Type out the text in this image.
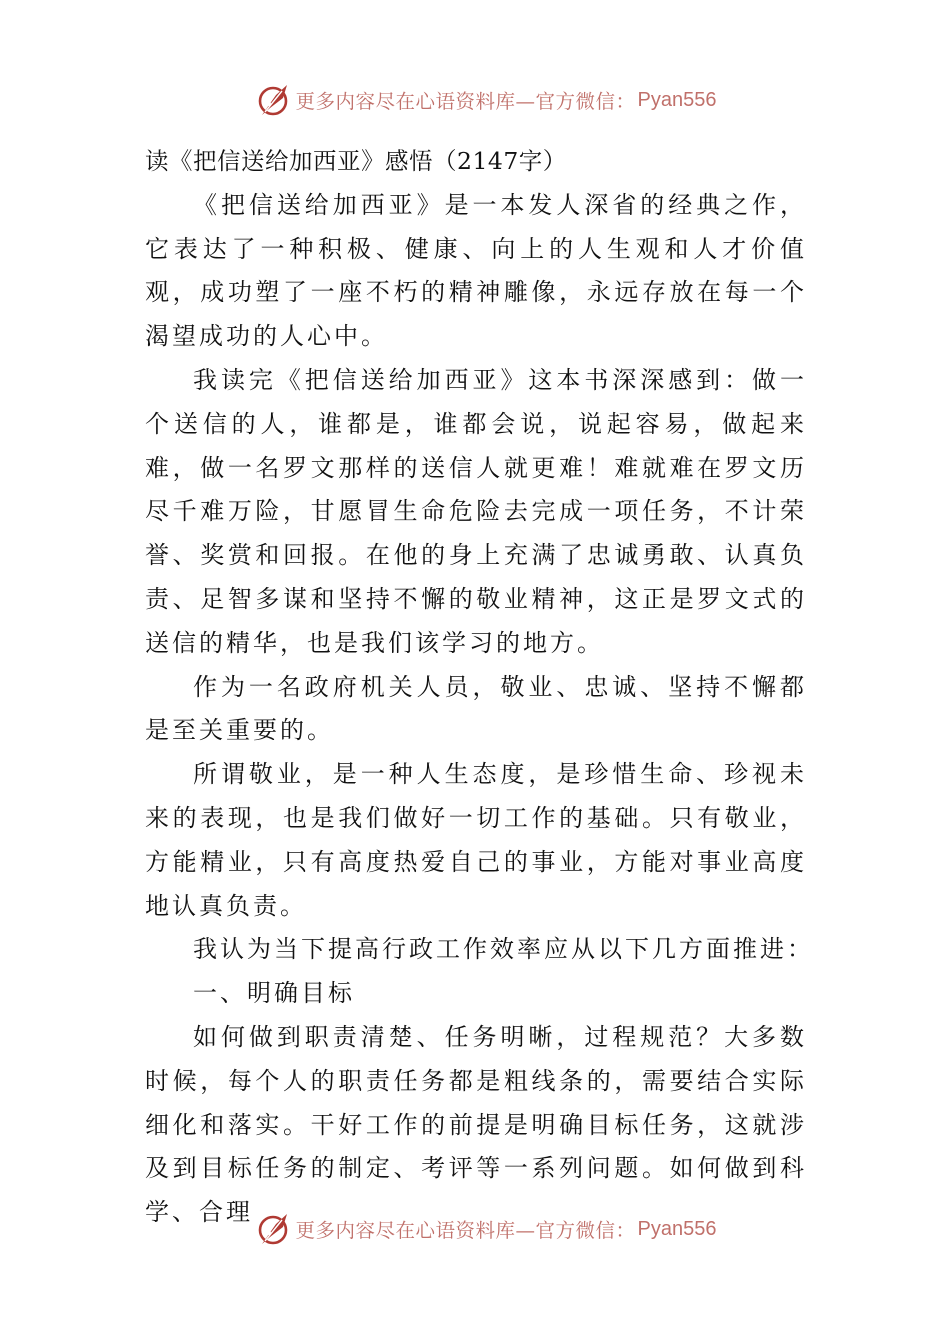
更多内容尽在心语资料库—官方微信： Pyan556

读《把信送给加西亚》感悟（2147字）

《把信送给加西亚》是一本发人深省的经典之作，它表达了一种积极、健康、向上的人生观和人才价值观，成功塑了一座不朽的精神雕像，永远存放在每一个渴望成功的人心中。

我读完《把信送给加西亚》这本书深深感到：做一个送信的人，谁都是，谁都会说，说起容易，做起来难，做一名罗文那样的送信人就更难！难就难在罗文历尽千难万险，甘愿冒生命危险去完成一项任务，不计荣誉、奖赏和回报。在他的身上充满了忠诚勇敢、认真负责、足智多谋和坚持不懈的敬业精神，这正是罗文式的送信的精华，也是我们该学习的地方。

作为一名政府机关人员，敬业、忠诚、坚持不懈都是至关重要的。

所谓敬业，是一种人生态度，是珍惜生命、珍视未来的表现，也是我们做好一切工作的基础。只有敬业，方能精业，只有高度热爱自己的事业，方能对事业高度地认真负责。

我认为当下提高行政工作效率应从以下几方面推进：

一、明确目标

如何做到职责清楚、任务明晰，过程规范？大多数时候，每个人的职责任务都是粗线条的，需要结合实际细化和落实。干好工作的前提是明确目标任务，这就涉及到目标任务的制定、考评等一系列问题。如何做到科学、合理

更多内容尽在心语资料库—官方微信： Pyan556
